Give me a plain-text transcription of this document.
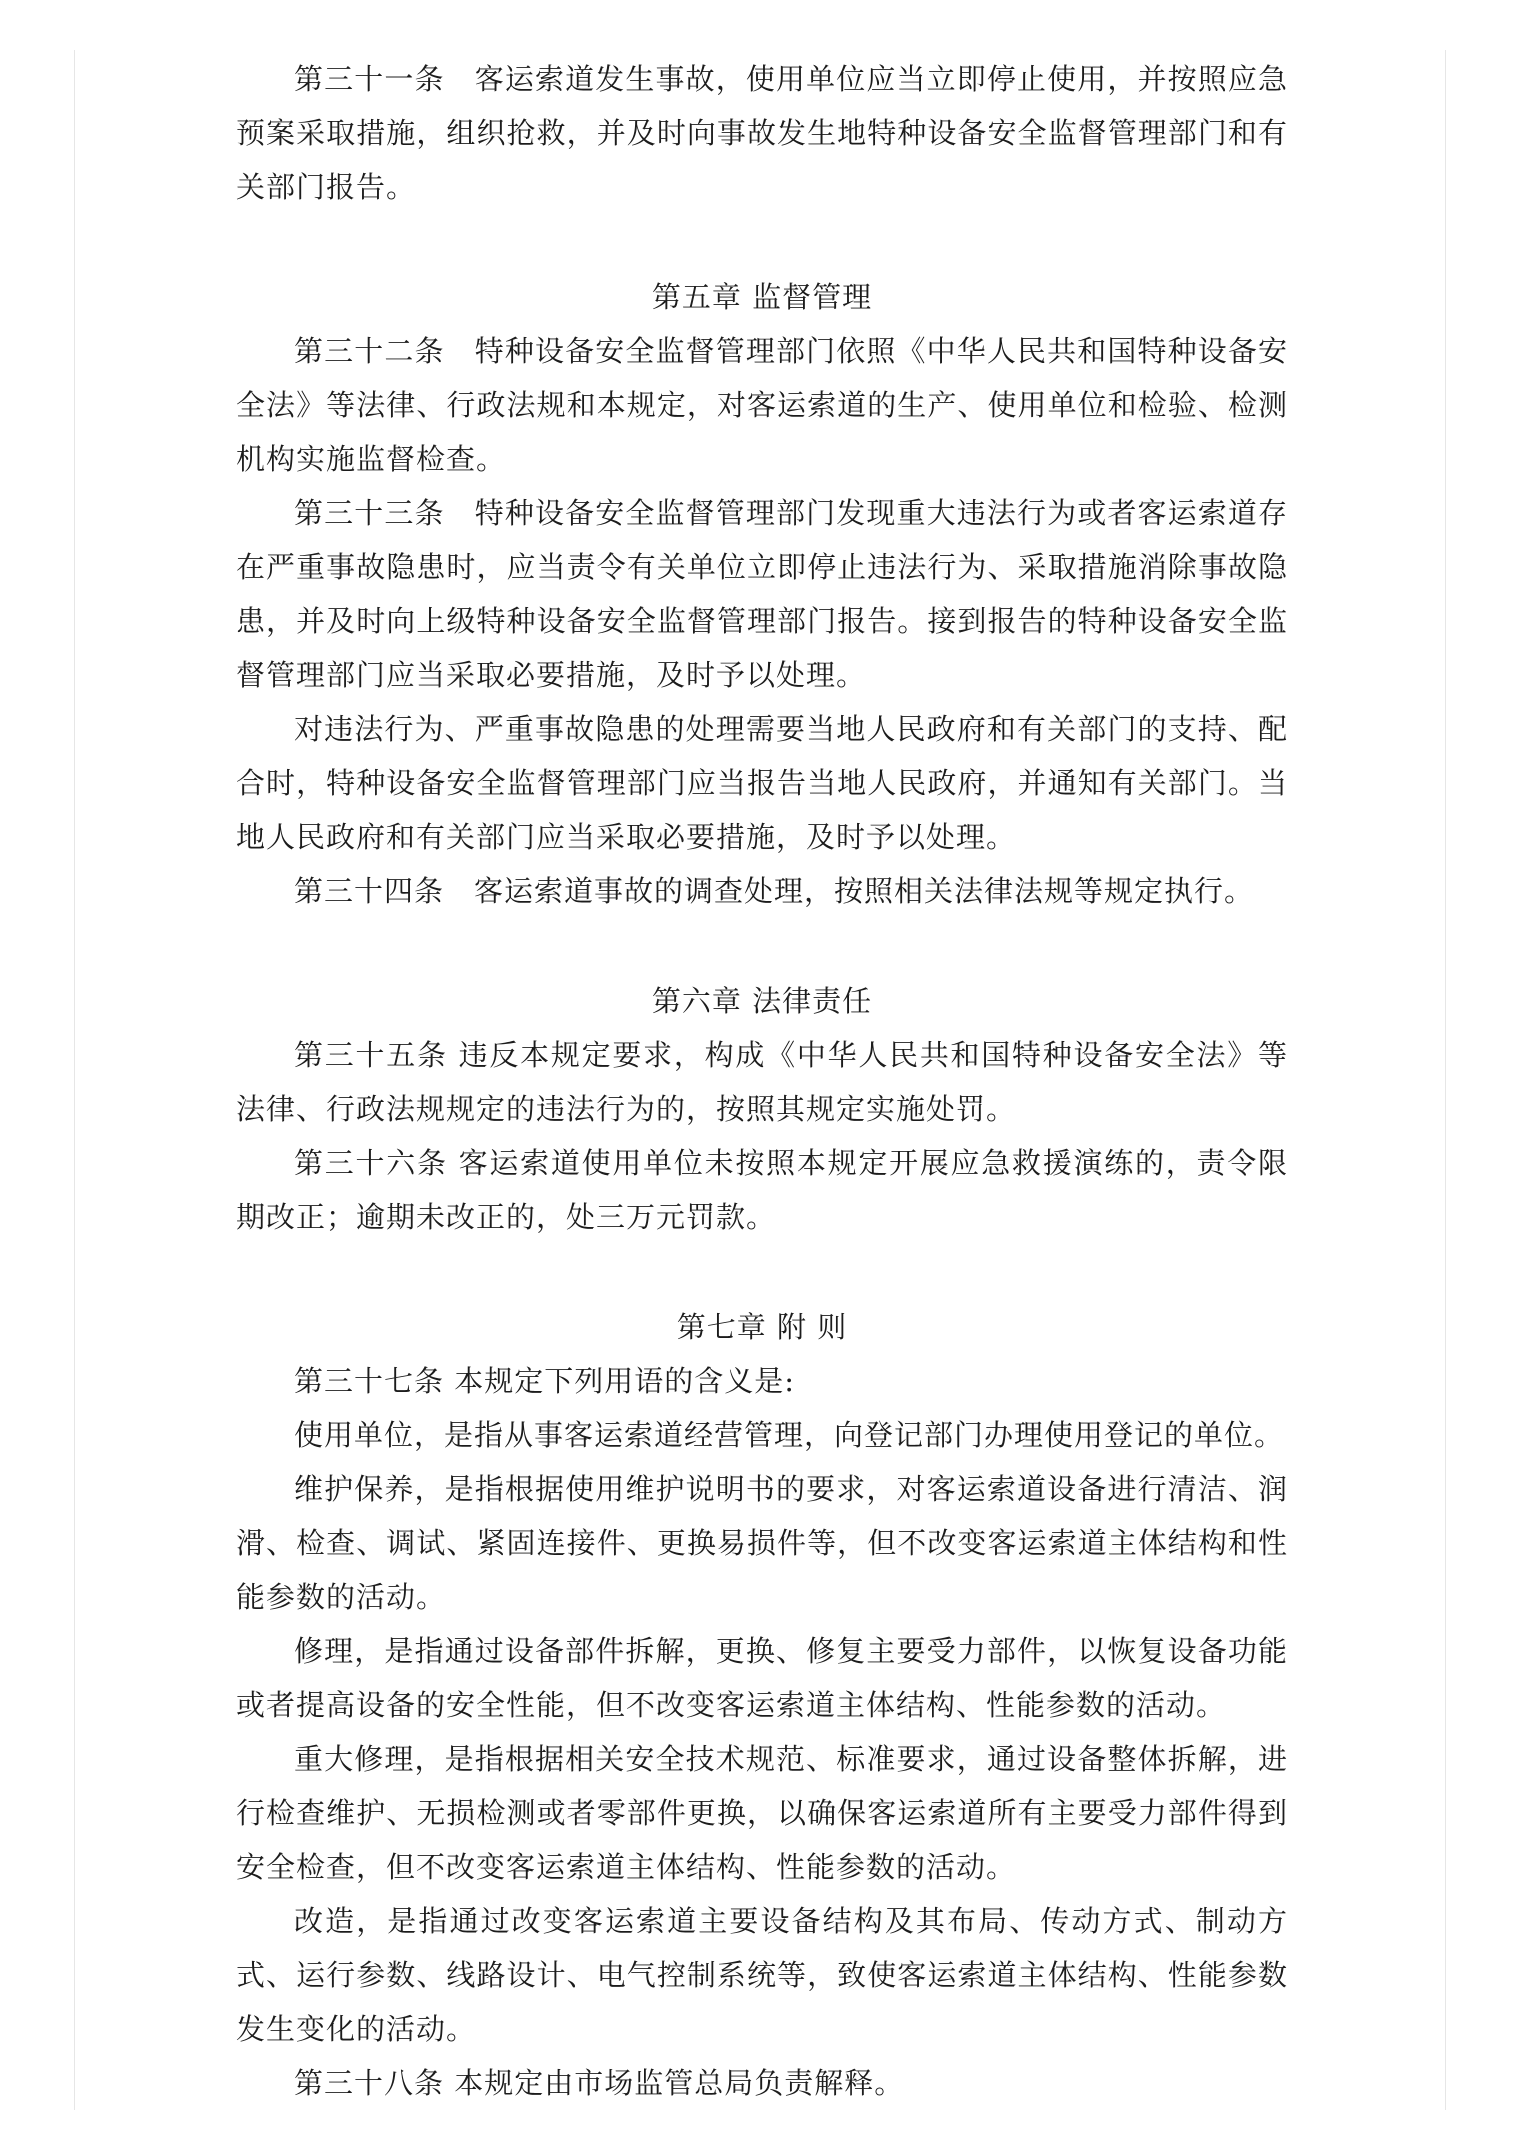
第三十一条　客运索道发生事故，使用单位应当立即停止使用，并按照应急预案采取措施，组织抢救，并及时向事故发生地特种设备安全监督管理部门和有关部门报告。

第五章 监督管理

第三十二条　特种设备安全监督管理部门依照《中华人民共和国特种设备安全法》等法律、行政法规和本规定，对客运索道的生产、使用单位和检验、检测机构实施监督检查。

第三十三条　特种设备安全监督管理部门发现重大违法行为或者客运索道存在严重事故隐患时，应当责令有关单位立即停止违法行为、采取措施消除事故隐患，并及时向上级特种设备安全监督管理部门报告。接到报告的特种设备安全监督管理部门应当采取必要措施，及时予以处理。

对违法行为、严重事故隐患的处理需要当地人民政府和有关部门的支持、配合时，特种设备安全监督管理部门应当报告当地人民政府，并通知有关部门。当地人民政府和有关部门应当采取必要措施，及时予以处理。

第三十四条　客运索道事故的调查处理，按照相关法律法规等规定执行。

第六章 法律责任

第三十五条 违反本规定要求，构成《中华人民共和国特种设备安全法》等法律、行政法规规定的违法行为的，按照其规定实施处罚。

第三十六条 客运索道使用单位未按照本规定开展应急救援演练的，责令限期改正；逾期未改正的，处三万元罚款。

第七章 附 则

第三十七条 本规定下列用语的含义是:

使用单位，是指从事客运索道经营管理，向登记部门办理使用登记的单位。

维护保养，是指根据使用维护说明书的要求，对客运索道设备进行清洁、润滑、检查、调试、紧固连接件、更换易损件等，但不改变客运索道主体结构和性能参数的活动。

修理，是指通过设备部件拆解，更换、修复主要受力部件，以恢复设备功能或者提高设备的安全性能，但不改变客运索道主体结构、性能参数的活动。

重大修理，是指根据相关安全技术规范、标准要求，通过设备整体拆解，进行检查维护、无损检测或者零部件更换，以确保客运索道所有主要受力部件得到安全检查，但不改变客运索道主体结构、性能参数的活动。

改造，是指通过改变客运索道主要设备结构及其布局、传动方式、制动方式、运行参数、线路设计、电气控制系统等，致使客运索道主体结构、性能参数发生变化的活动。

第三十八条 本规定由市场监管总局负责解释。
